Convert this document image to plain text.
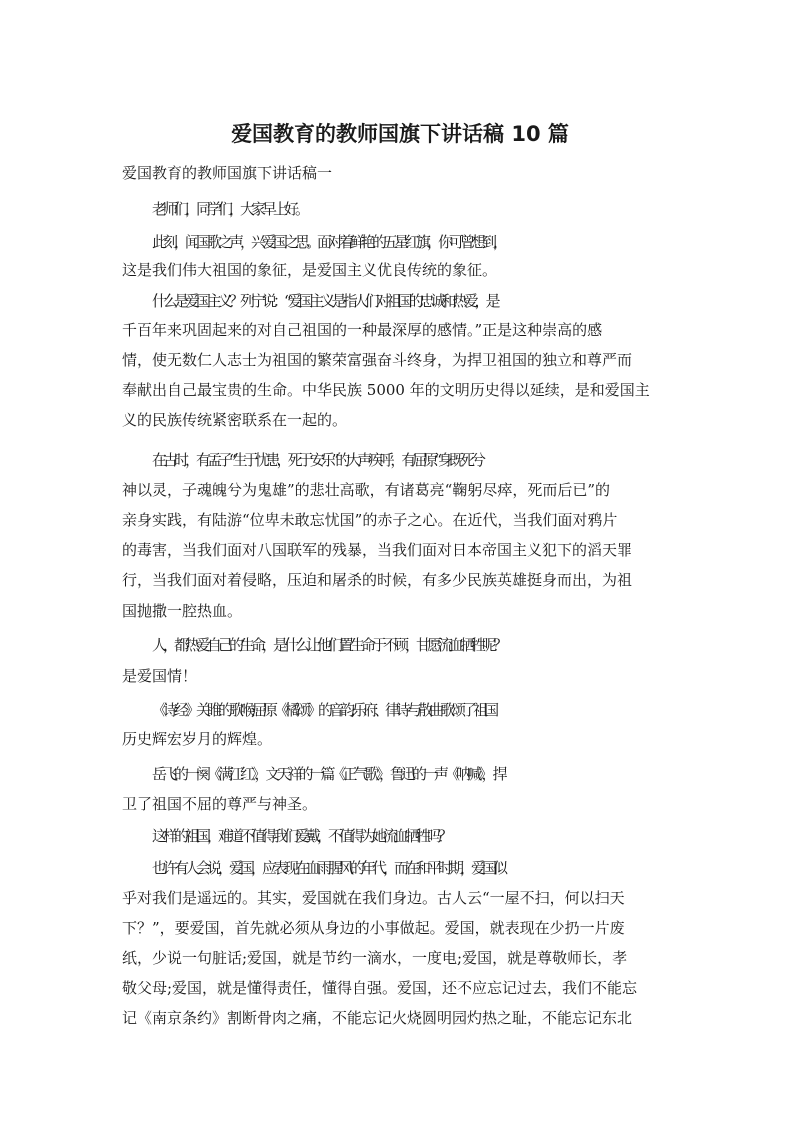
爱国教育的教师国旗下讲话稿 10 篇

爱国教育的教师国旗下讲话稿一

老师们，同学们，大家早上好。

此刻，闻国歌之声，兴爱国之思。面对着鲜艳的五星红旗，你可曾想到，

这是我们伟大祖国的象征，是爱国主义优良传统的象征。

什么是爱国主义？列宁说：“爱国主义是指人们对祖国的忠诚和热爱，是

千百年来巩固起来的对自己祖国的一种最深厚的感情。”正是这种崇高的感

情，使无数仁人志士为祖国的繁荣富强奋斗终身，为捍卫祖国的独立和尊严而

奉献出自己最宝贵的生命。中华民族 5000 年的文明历史得以延续，是和爱国主

义的民族传统紧密联系在一起的。

在古时，有孟子“生于忧患，死于安乐”的大声疾呼，有屈原“身既死兮

神以灵，子魂魄兮为鬼雄”的悲壮高歌，有诸葛亮“鞠躬尽瘁，死而后已”的

亲身实践，有陆游“位卑未敢忘忧国”的赤子之心。在近代，当我们面对鸦片

的毒害，当我们面对八国联军的残暴，当我们面对日本帝国主义犯下的滔天罪

行，当我们面对着侵略，压迫和屠杀的时候，有多少民族英雄挺身而出，为祖

国抛撒一腔热血。

人，都热爱自己的生命，是什么让他们置生命于不顾，甘愿流血牺牲呢？

是爱国情！

《诗经》关睢的歌喉;屈原《橘颂》的音韵;乐府、律诗与散曲歌颂了祖国

历史辉宏岁月的辉煌。

岳飞的一阕《满江红》，文天祥的一篇《正气歌》，鲁迅的一声《呐喊》，捍

卫了祖国不屈的尊严与神圣。

这样的祖国，难道不值得我们爱戴，不值得为她流血牺牲吗？

也许有人会说，爱国，应表现在血雨腥风的年代，而在和平时期，爱国似

乎对我们是遥远的。其实，爱国就在我们身边。古人云“一屋不扫，何以扫天

下？”，要爱国，首先就必须从身边的小事做起。爱国，就表现在少扔一片废

纸，少说一句脏话;爱国，就是节约一滴水，一度电;爱国，就是尊敬师长，孝

敬父母;爱国，就是懂得责任，懂得自强。爱国，还不应忘记过去，我们不能忘

记《南京条约》割断骨肉之痛，不能忘记火烧圆明园灼热之耻，不能忘记东北
